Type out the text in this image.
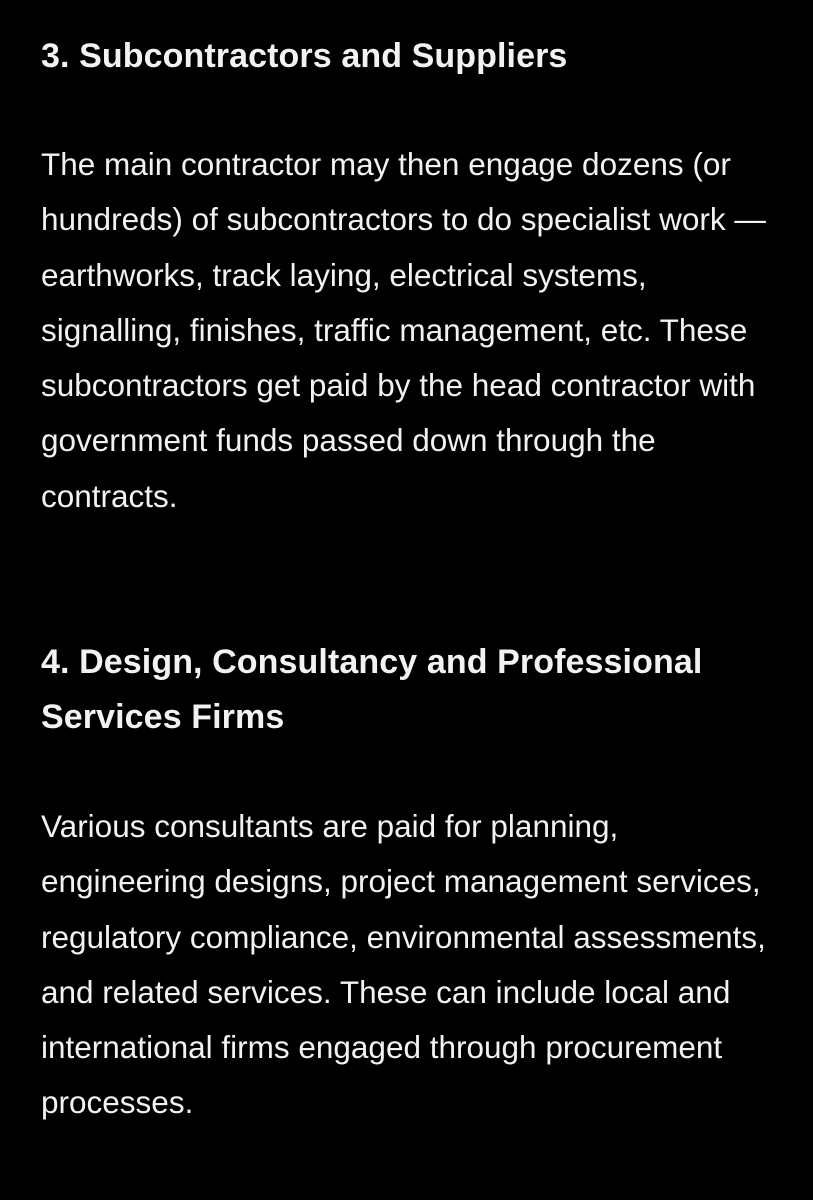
3. Subcontractors and Suppliers

The main contractor may then engage dozens (or hundreds) of subcontractors to do specialist work — earthworks, track laying, electrical systems, signalling, finishes, traffic management, etc. These subcontractors get paid by the head contractor with government funds passed down through the contracts.

4. Design, Consultancy and Professional Services Firms

Various consultants are paid for planning, engineering designs, project management services, regulatory compliance, environmental assessments, and related services. These can include local and international firms engaged through procurement processes.
